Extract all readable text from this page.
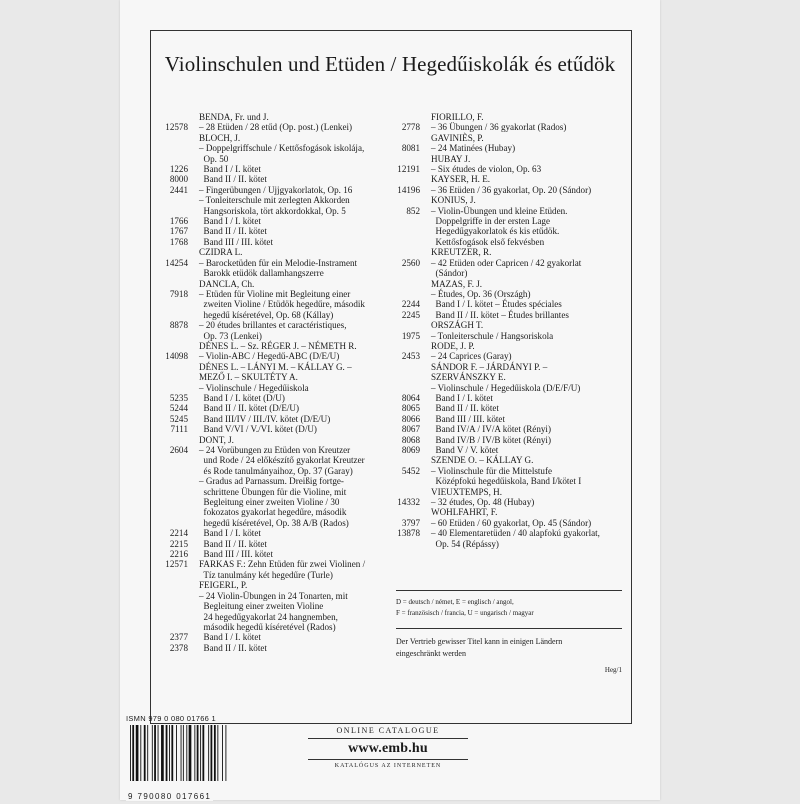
Violinschulen und Etüden / Hegedűiskolák és etűdök
BENDA, Fr. und J.
12578	– 28 Etüden / 28 etűd (Op. post.) (Lenkei)
BLOCH, J.
– Doppelgriffschule / Kettősfogások iskolája,
Op. 50
1226	Band I / I. kötet
8000	Band II / II. kötet
2441	– Fingerübungen / Ujjgyakorlatok, Op. 16
– Tonleiterschule mit zerlegten Akkorden
Hangsoriskola, tört akkordokkal, Op. 5
1766	Band I / I. kötet
1767	Band II / II. kötet
1768	Band III / III. kötet
CZIDRA L.
14254	– Barocketüden für ein Melodie-Instrament
Barokk etüdök dallamhangszerre
DANCLA, Ch.
7918	– Etüden für Violine mit Begleitung einer
zweiten Violine / Etüdök hegedűre, második
hegedű kíséretével, Op. 68 (Kállay)
8878	– 20 études brillantes et caractéristiques,
Op. 73 (Lenkei)
DÉNES L. – Sz. RÉGER J. – NÉMETH R.
14098	– Violin-ABC / Hegedű-ABC (D/E/U)
DÉNES L. – LÁNYI M. – KÁLLAY G. –
MEZŐ I. – SKULTÉTY A.
– Violinschule / Hegedűiskola
5235	Band I / I. kötet (D/U)
5244	Band II / II. kötet (D/E/U)
5245	Band III/IV / III./IV. kötet (D/E/U)
7111	Band V/VI / V./VI. kötet (D/U)
DONT, J.
2604	– 24 Vorübungen zu Etüden von Kreutzer
und Rode / 24 előkészítő gyakorlat Kreutzer
és Rode tanulmányaihoz, Op. 37 (Garay)
– Gradus ad Parnassum. Dreißig fortge-
schrittene Übungen für die Violine, mit
Begleitung einer zweiten Violine / 30
fokozatos gyakorlat hegedűre, második
hegedű kíséretével, Op. 38 A/B (Rados)
2214	Band I / I. kötet
2215	Band II / II. kötet
2216	Band III / III. kötet
12571	FARKAS F.: Zehn Etüden für zwei Violinen /
Tíz tanulmány két hegedűre (Turle)
FEIGERL, P.
– 24 Violin-Übungen in 24 Tonarten, mit
Begleitung einer zweiten Violine
24 hegedűgyakorlat 24 hangnemben,
második hegedű kíséretével (Rados)
2377	Band I / I. kötet
2378	Band II / II. kötet
FIORILLO, F.
2778	– 36 Übungen / 36 gyakorlat (Rados)
GAVINIÈS, P.
8081	– 24 Matinées (Hubay)
HUBAY J.
12191	– Six études de violon, Op. 63
KAYSER, H. E.
14196	– 36 Etüden / 36 gyakorlat, Op. 20 (Sándor)
KONIUS, J.
852	– Violin-Übungen und kleine Etüden.
Doppelgriffe in der ersten Lage
Hegedűgyakorlatok és kis etűdök.
Kettősfogások első fekvésben
KREUTZER, R.
2560	– 42 Etüden oder Capricen / 42 gyakorlat
(Sándor)
MAZAS, F. J.
– Études, Op. 36 (Országh)
2244	Band I / I. kötet – Études spéciales
2245	Band II / II. kötet – Études brillantes
ORSZÁGH T.
1975	– Tonleiterschule / Hangsoriskola
RODE, J. P.
2453	– 24 Caprices (Garay)
SÁNDOR F. – JÁRDÁNYI P. –
SZERVÁNSZKY E.
– Violinschule / Hegedűiskola (D/E/F/U)
8064	Band I / I. kötet
8065	Band II / II. kötet
8066	Band III / III. kötet
8067	Band IV/A / IV/A kötet (Rényi)
8068	Band IV/B / IV/B kötet (Rényi)
8069	Band V / V. kötet
SZENDE O. – KÁLLAY G.
5452	– Violinschule für die Mittelstufe
Középfokú hegedűiskola, Band I/kötet I
VIEUXTEMPS, H.
14332	– 32 études, Op. 48 (Hubay)
WOHLFAHRT, F.
3797	– 60 Etüden / 60 gyakorlat, Op. 45 (Sándor)
13878	– 40 Elementaretüden / 40 alapfokú gyakorlat,
Op. 54 (Répássy)
D = deutsch / német, E = englisch / angol,
F = französisch / francia, U = ungarisch / magyar
Der Vertrieb gewisser Titel kann in einigen Ländern
eingeschränkt werden
Heg/1
ISMN 979 0 080 01766 1
9 790080 017661
ONLINE CATALOGUE
www.emb.hu
KATALÓGUS AZ INTERNETEN
